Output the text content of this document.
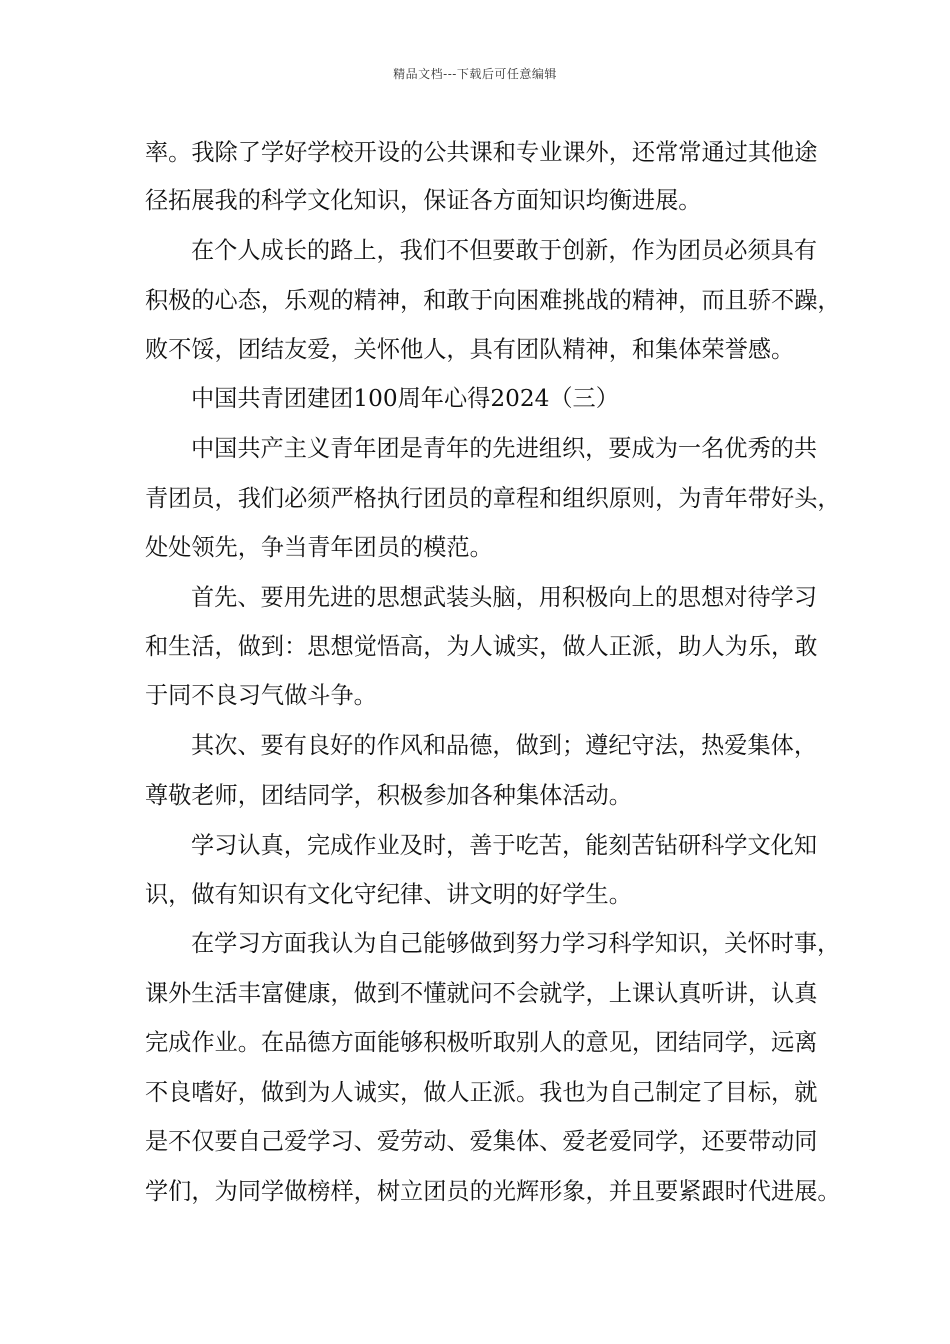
精品文档---下载后可任意编辑
率。我除了学好学校开设的公共课和专业课外，还常常通过其他途
径拓展我的科学文化知识，保证各方面知识均衡进展。
在个人成长的路上，我们不但要敢于创新，作为团员必须具有
积极的心态，乐观的精神，和敢于向困难挑战的精神，而且骄不躁，
败不馁，团结友爱，关怀他人，具有团队精神，和集体荣誉感。
中国共青团建团100周年心得2024（三）
中国共产主义青年团是青年的先进组织，要成为一名优秀的共
青团员，我们必须严格执行团员的章程和组织原则，为青年带好头，
处处领先，争当青年团员的模范。
首先、要用先进的思想武装头脑，用积极向上的思想对待学习
和生活，做到：思想觉悟高，为人诚实，做人正派，助人为乐，敢
于同不良习气做斗争。
其次、要有良好的作风和品德，做到；遵纪守法，热爱集体，
尊敬老师，团结同学，积极参加各种集体活动。
学习认真，完成作业及时，善于吃苦，能刻苦钻研科学文化知
识，做有知识有文化守纪律、讲文明的好学生。
在学习方面我认为自己能够做到努力学习科学知识，关怀时事，
课外生活丰富健康，做到不懂就问不会就学，上课认真听讲，认真
完成作业。在品德方面能够积极听取别人的意见，团结同学，远离
不良嗜好，做到为人诚实，做人正派。我也为自己制定了目标，就
是不仅要自己爱学习、爱劳动、爱集体、爱老爱同学，还要带动同
学们，为同学做榜样，树立团员的光辉形象，并且要紧跟时代进展。
